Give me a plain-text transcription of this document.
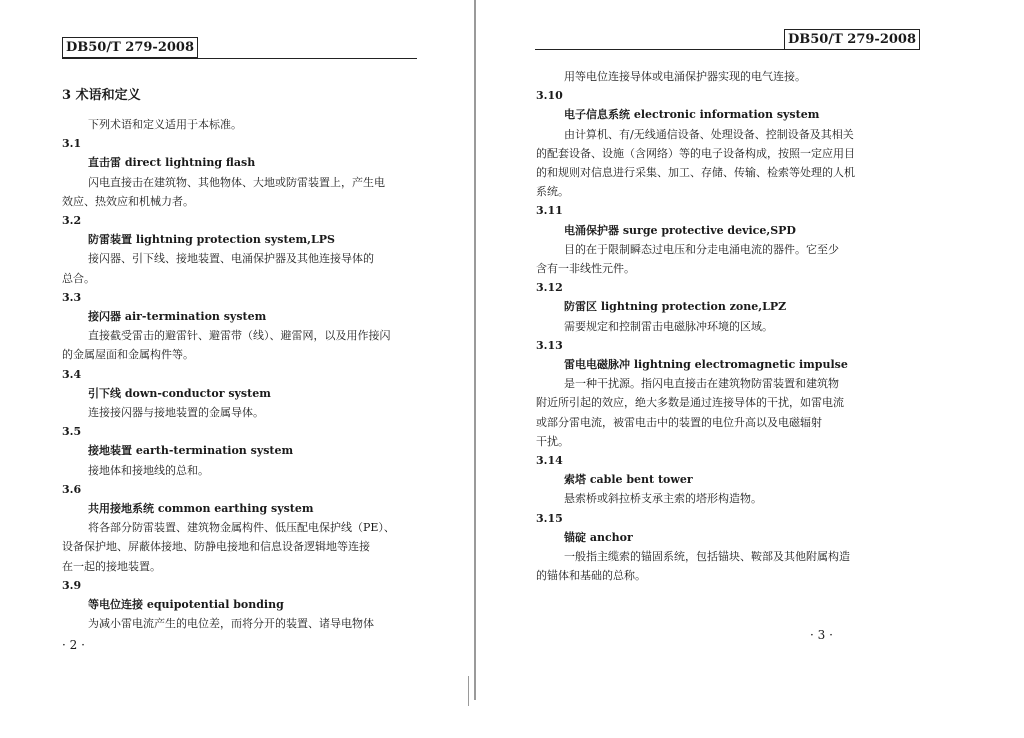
DB50/T 279-2008
3 术语和定义
下列术语和定义适用于本标准。
3.1
直击雷 direct lightning flash
闪电直接击在建筑物、其他物体、大地或防雷装置上，产生电
效应、热效应和机械力者。
3.2
防雷装置 lightning protection system,LPS
接闪器、引下线、接地装置、电涌保护器及其他连接导体的
总合。
3.3
接闪器 air-termination system
直接截受雷击的避雷针、避雷带（线）、避雷网，以及用作接闪
的金属屋面和金属构件等。
3.4
引下线 down-conductor system
连接接闪器与接地装置的金属导体。
3.5
接地装置 earth-termination system
接地体和接地线的总和。
3.6
共用接地系统 common earthing system
将各部分防雷装置、建筑物金属构件、低压配电保护线（PE）、
设备保护地、屏蔽体接地、防静电接地和信息设备逻辑地等连接
在一起的接地装置。
3.9
等电位连接 equipotential bonding
为减小雷电流产生的电位差，而将分开的装置、诸导电物体
· 2 ·
DB50/T 279-2008
用等电位连接导体或电涌保护器实现的电气连接。
3.10
电子信息系统 electronic information system
由计算机、有/无线通信设备、处理设备、控制设备及其相关
的配套设备、设施（含网络）等的电子设备构成，按照一定应用目
的和规则对信息进行采集、加工、存储、传输、检索等处理的人机
系统。
3.11
电涌保护器 surge protective device,SPD
目的在于限制瞬态过电压和分走电涌电流的器件。它至少
含有一非线性元件。
3.12
防雷区 lightning protection zone,LPZ
需要规定和控制雷击电磁脉冲环境的区域。
3.13
雷电电磁脉冲 lightning electromagnetic impulse
是一种干扰源。指闪电直接击在建筑物防雷装置和建筑物
附近所引起的效应，绝大多数是通过连接导体的干扰，如雷电流
或部分雷电流，被雷电击中的装置的电位升高以及电磁辐射
干扰。
3.14
索塔 cable bent tower
悬索桥或斜拉桥支承主索的塔形构造物。
3.15
锚碇 anchor
一般指主缆索的锚固系统，包括锚块、鞍部及其他附属构造
的锚体和基础的总称。
· 3 ·
